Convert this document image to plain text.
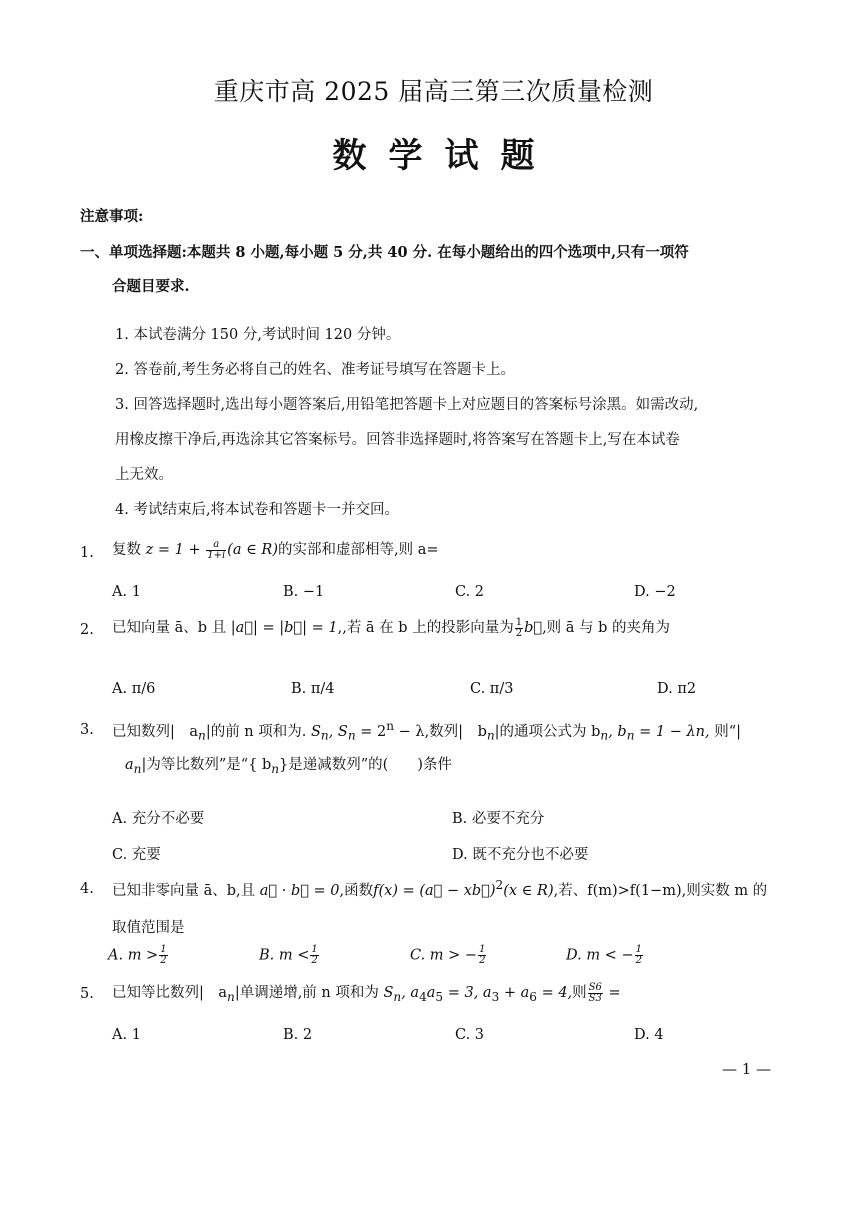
重庆市高 2025 届高三第三次质量检测
数学试题
注意事项:
一、单项选择题:本题共 8 小题,每小题 5 分,共 40 分. 在每小题给出的四个选项中,只有一项符
合题目要求.
1. 本试卷满分 150 分,考试时间 120 分钟。
2. 答卷前,考生务必将自己的姓名、准考证号填写在答题卡上。
3. 回答选择题时,选出每小题答案后,用铅笔把答题卡上对应题目的答案标号涂黑。如需改动,
用橡皮擦干净后,再选涂其它答案标号。回答非选择题时,将答案写在答题卡上,写在本试卷
上无效。
4. 考试结束后,将本试卷和答题卡一并交回。
1. 复数 $z = 1 + \frac{a}{1+i} (a$ ∈ R)的实部和虚部相等,则 a=
A. 1	B. −1	C. 2	D. −2
2. 已知向量 ā、b 且 |a⃗| = |b⃗| = 1,,若 ā 在 b 上的投影向量为 $\frac{1}{2}$ b⃗,则 ā 与 b 的夹角为
A. π/6	B. π/4	C. π/3	D. π2
3. 已知数列|　$a_n|$的前 n 项和为. $S_n$, $S_n = 2^n - \lambda$,数列|　$b_n|$的通项公式为 $b_n$, $b_n = 1 - \lambda n$, 则“|
$a_n|$为等比数列”是“{ $b_n$}是递减数列”的(　　)条件
A. 充分不必要	B. 必要不充分
C. 充要	D. 既不充分也不必要
4. 已知非零向量 ā、b,且 a⃗ · b⃗ = 0,函数f(x) = (a⃗ − xb⃗)$^2$(x ∈ R),若、f(m)>f(1−m),则实数 m 的
取值范围是
A. $m > \frac{1}{2}$	B. $m < \frac{1}{2}$	C. m > − $\frac{1}{2}$	D. m < − $\frac{1}{2}$
5. 已知等比数列|　$a_n|$单调递增,前 n 项和为 $S_n$, $a_4a_5 = 3$, $a_3 + a_6 = 4$,则 $\frac{S6}{S3}$ =
A. 1	B. 2	C. 3	D. 4
— 1 —
